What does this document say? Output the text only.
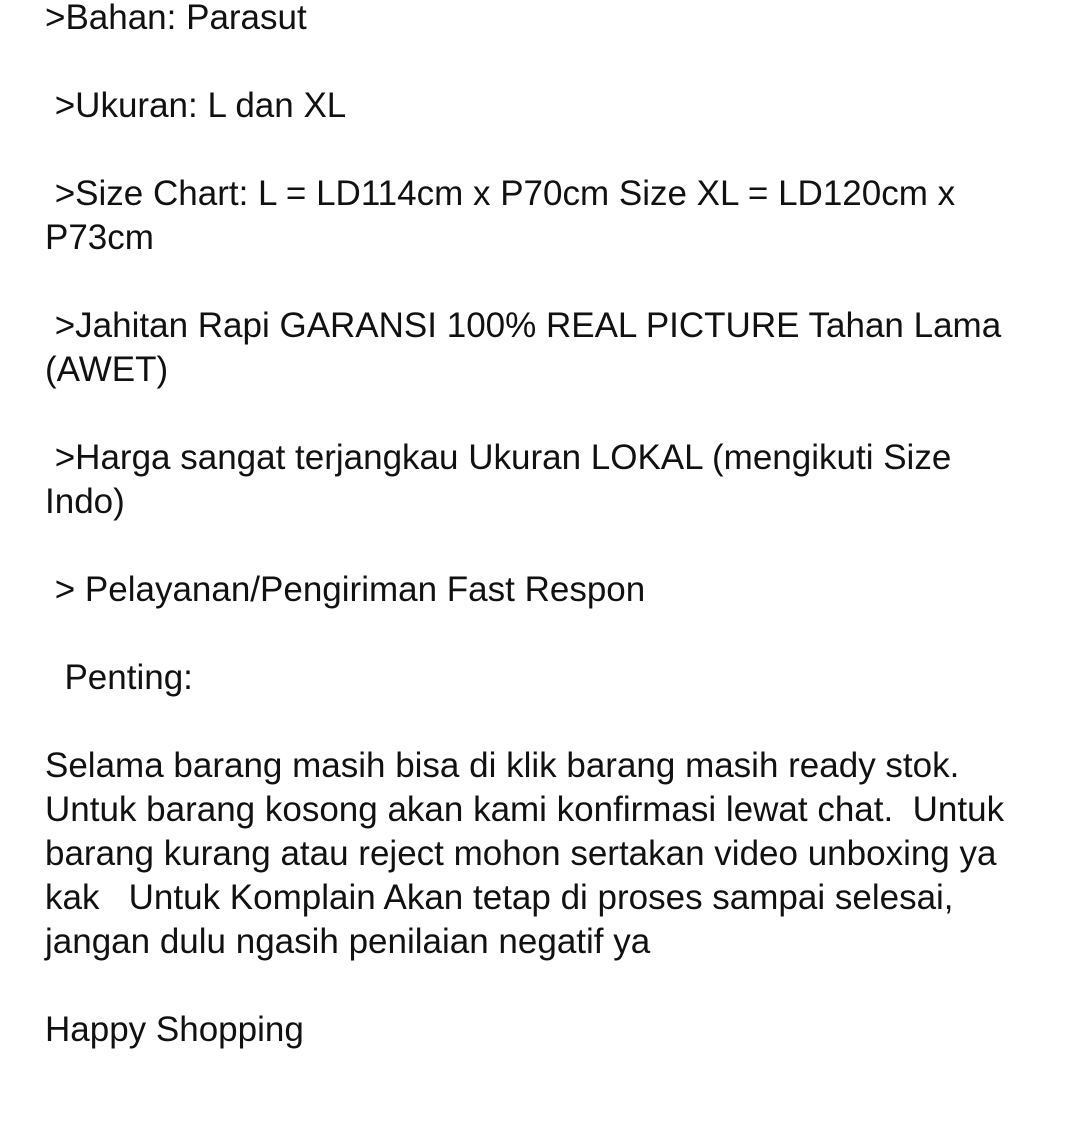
>Bahan: Parasut

>Ukuran: L dan XL

>Size Chart: L = LD114cm x P70cm Size XL = LD120cm x P73cm

>Jahitan Rapi GARANSI 100% REAL PICTURE Tahan Lama (AWET)

>Harga sangat terjangkau Ukuran LOKAL (mengikuti Size Indo)

> Pelayanan/Pengiriman Fast Respon

Penting:

Selama barang masih bisa di klik barang masih ready stok.  Untuk barang kosong akan kami konfirmasi lewat chat.  Untuk barang kurang atau reject mohon sertakan video unboxing ya kak   Untuk Komplain Akan tetap di proses sampai selesai, jangan dulu ngasih penilaian negatif ya

Happy Shopping
